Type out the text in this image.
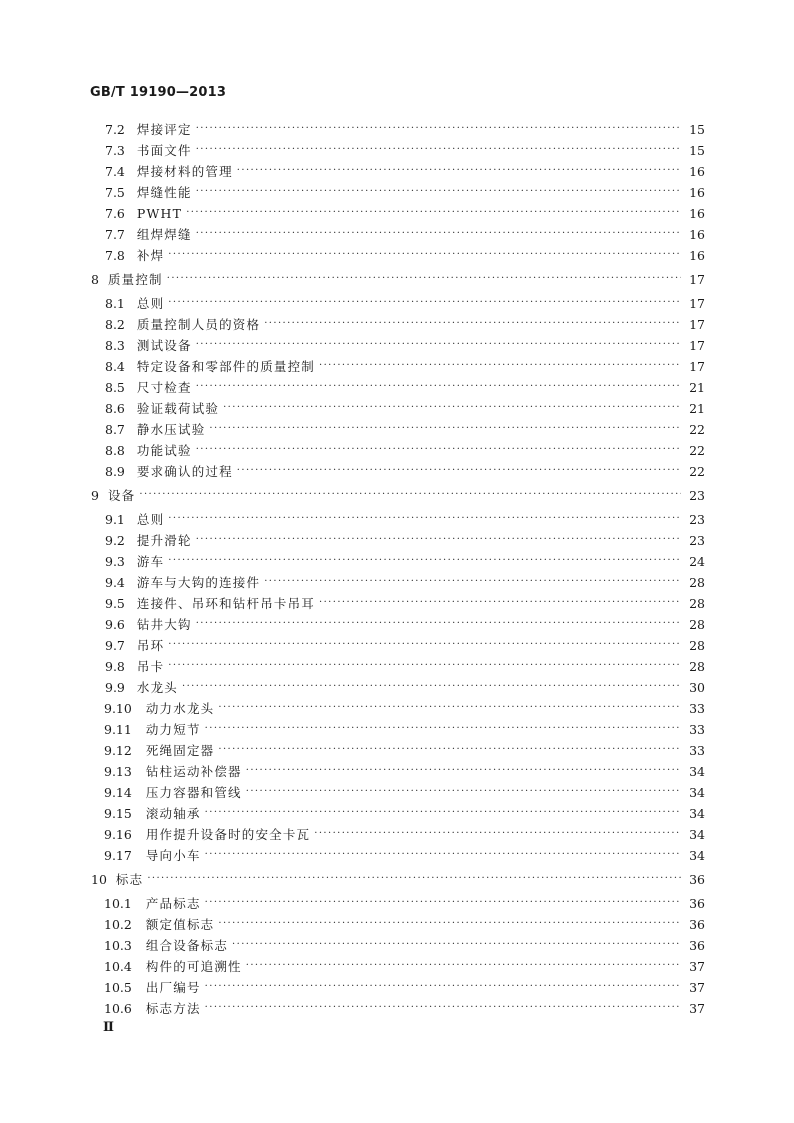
GB/T 19190—2013
7.2 焊接评定 ·····	15
7.3 书面文件 ·····	15
7.4 焊接材料的管理 ·····	16
7.5 焊缝性能 ·····	16
7.6 PWHT ·····	16
7.7 组焊焊缝 ·····	16
7.8 补焊 ·····	16
8 质量控制 ·····	17
8.1 总则 ·····	17
8.2 质量控制人员的资格 ·····	17
8.3 测试设备 ·····	17
8.4 特定设备和零部件的质量控制 ·····	17
8.5 尺寸检查 ·····	21
8.6 验证载荷试验 ·····	21
8.7 静水压试验 ·····	22
8.8 功能试验 ·····	22
8.9 要求确认的过程 ·····	22
9 设备 ·····	23
9.1 总则 ·····	23
9.2 提升滑轮 ·····	23
9.3 游车 ·····	24
9.4 游车与大钩的连接件 ·····	28
9.5 连接件、吊环和钻杆吊卡吊耳 ·····	28
9.6 钻井大钩 ·····	28
9.7 吊环 ·····	28
9.8 吊卡 ·····	28
9.9 水龙头 ·····	30
9.10 动力水龙头 ·····	33
9.11 动力短节 ·····	33
9.12 死绳固定器 ·····	33
9.13 钻柱运动补偿器 ·····	34
9.14 压力容器和管线 ·····	34
9.15 滚动轴承 ·····	34
9.16 用作提升设备时的安全卡瓦 ·····	34
9.17 导向小车 ·····	34
10 标志 ·····	36
10.1 产品标志 ·····	36
10.2 额定值标志 ·····	36
10.3 组合设备标志 ·····	36
10.4 构件的可追溯性 ·····	37
10.5 出厂编号 ·····	37
10.6 标志方法 ·····	37
Ⅱ
